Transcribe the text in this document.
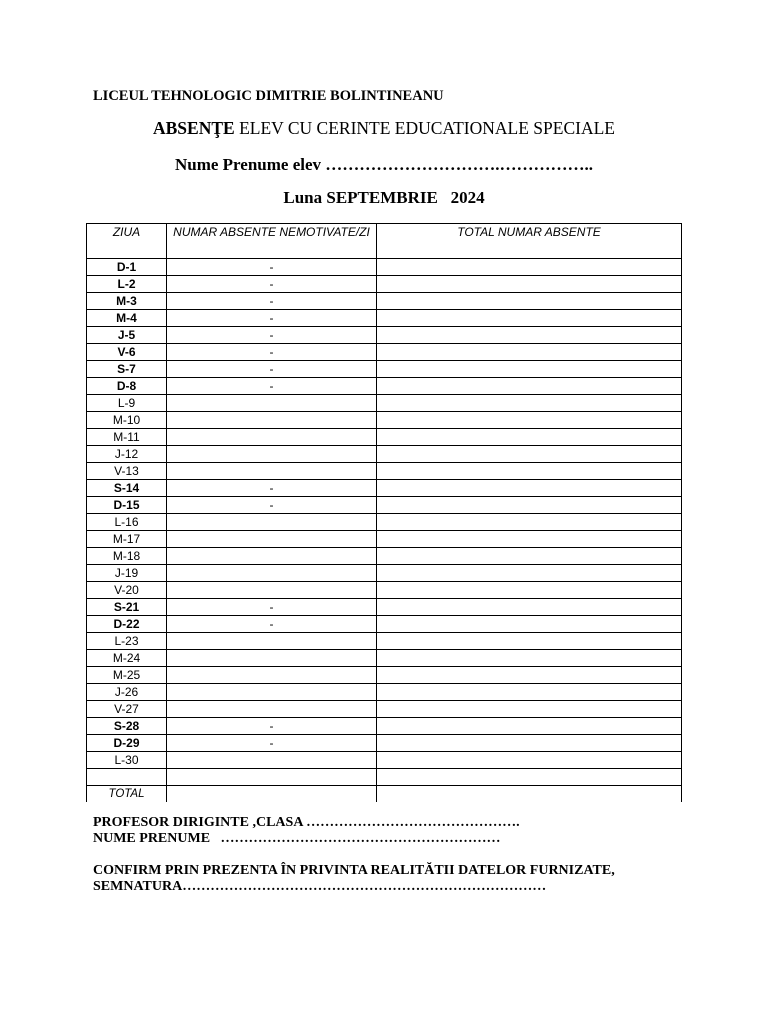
LICEUL TEHNOLOGIC DIMITRIE BOLINTINEANU
ABSENŢE ELEV CU CERINTE EDUCATIONALE SPECIALE
Nume Prenume elev ………………………….……………..
Luna SEPTEMBRIE   2024
ZIUA	NUMAR ABSENTE NEMOTIVATE/ZI	TOTAL NUMAR ABSENTE
D-1	-	
L-2	-	
M-3	-	
M-4	-	
J-5	-	
V-6	-	
S-7	-	
D-8	-	
L-9		
M-10		
M-11		
J-12		
V-13		
S-14	-	
D-15	-	
L-16		
M-17		
M-18		
J-19		
V-20		
S-21	-	
D-22	-	
L-23		
M-24		
M-25		
J-26		
V-27		
S-28	-	
D-29	-	
L-30		

TOTAL		
PROFESOR DIRIGINTE ,CLASA ……………………………………….
NUME PRENUME   ……………………………………………………
CONFIRM PRIN PREZENTA ÎN PRIVINTA REALITĂTII DATELOR FURNIZATE,
SEMNATURA……………………………………………………………………
